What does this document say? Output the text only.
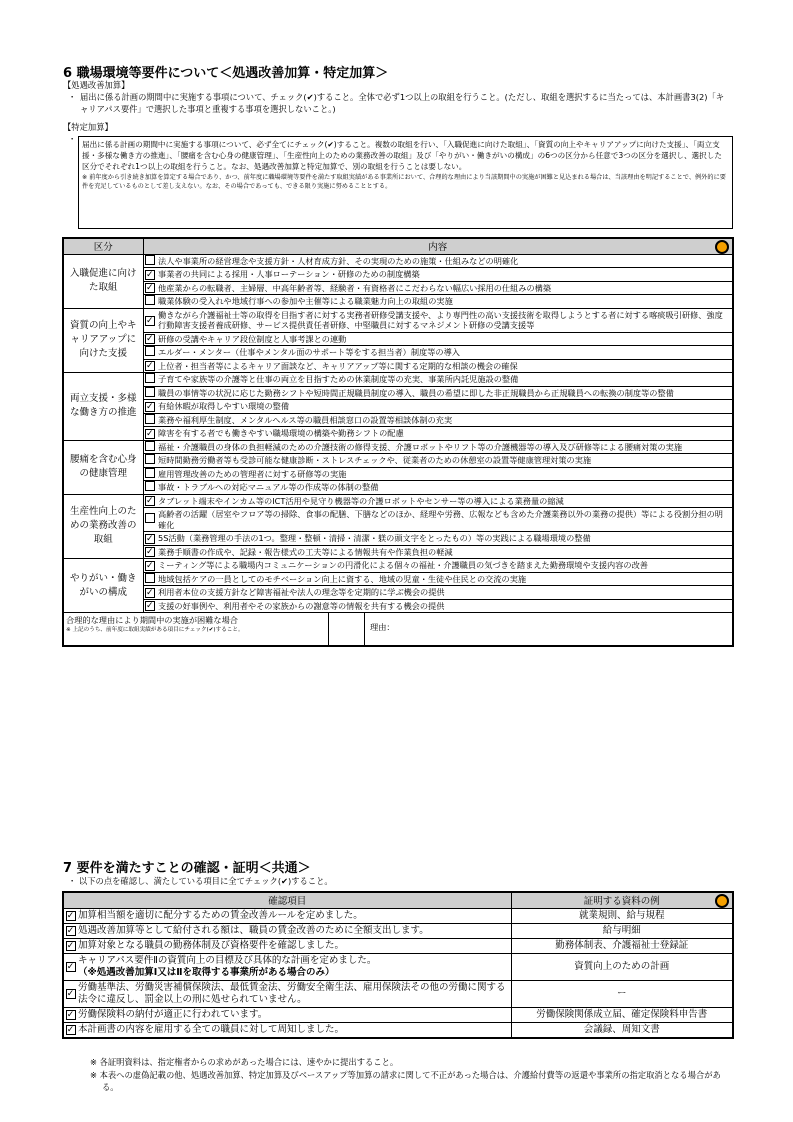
6 職場環境等要件について＜処遇改善加算・特定加算＞
【処遇改善加算】
・ 届出に係る計画の期間中に実施する事項について、チェック(✔)すること。全体で必ず1つ以上の取組を行うこと。(ただし、取組を選択するに当たっては、本計画書3(2)「キャリアパス要件」で選択した事項と重複する事項を選択しないこと。)
【特定加算】
・
届出に係る計画の期間中に実施する事項について、必ず全てにチェック(✔)すること。複数の取組を行い、「入職促進に向けた取組」、「資質の向上やキャリアアップに向けた支援」、「両立支援・多様な働き方の推進」、「腰痛を含む心身の健康管理」、「生産性向上のための業務改善の取組」及び「やりがい・働きがいの構成」の6つの区分から任意で3つの区分を選択し、選択した区分でそれぞれ1つ以上の取組を行うこと。なお、処遇改善加算と特定加算で、別の取組を行うことは要しない。
※ 前年度から引き続き加算を算定する場合であり、かつ、前年度に職場環境等要件を満たす取組実績がある事業所において、合理的な理由により当該期間中の実施が困難と見込まれる場合は、当該理由を明記することで、例外的に要件を充足しているものとして差し支えない。なお、その場合であっても、できる限り実施に努めることとする。
区分	内容	

入職促進に向けた取組		法人や事業所の経営理念や支援方針・人材育成方針、その実現のための施策・仕組みなどの明確化
	✓	事業者の共同による採用・人事ローテーション・研修のための制度構築
	✓	他産業からの転職者、主婦層、中高年齢者等、経験者・有資格者にこだわらない幅広い採用の仕組みの構築
		職業体験の受入れや地域行事への参加や主催等による職業魅力向上の取組の実施
資質の向上やキャリアアップに向けた支援	✓	働きながら介護福祉士等の取得を目指す者に対する実務者研修受講支援や、より専門性の高い支援技術を取得しようとする者に対する喀痰吸引研修、強度行動障害支援者養成研修、サービス提供責任者研修、中堅職員に対するマネジメント研修の受講支援等
	✓	研修の受講やキャリア段位制度と人事考課との連動
		エルダー・メンター（仕事やメンタル面のサポート等をする担当者）制度等の導入
	✓	上位者・担当者等によるキャリア面談など、キャリアアップ等に関する定期的な相談の機会の確保
両立支援・多様な働き方の推進		子育てや家族等の介護等と仕事の両立を目指すための休業制度等の充実、事業所内託児施設の整備
		職員の事情等の状況に応じた勤務シフトや短時間正規職員制度の導入、職員の希望に即した非正規職員から正規職員への転換の制度等の整備
	✓	有給休暇が取得しやすい環境の整備
		業務や福利厚生制度、メンタルヘルス等の職員相談窓口の設置等相談体制の充実
	✓	障害を有する者でも働きやすい職場環境の構築や勤務シフトの配慮
腰痛を含む心身の健康管理		福祉・介護職員の身体の負担軽減のための介護技術の修得支援、介護ロボットやリフト等の介護機器等の導入及び研修等による腰痛対策の実施
		短時間勤務労働者等も受診可能な健康診断・ストレスチェックや、従業者のための休憩室の設置等健康管理対策の実施
		雇用管理改善のための管理者に対する研修等の実施
		事故・トラブルへの対応マニュアル等の作成等の体制の整備
生産性向上のための業務改善の取組	✓	タブレット端末やインカム等のICT活用や見守り機器等の介護ロボットやセンサー等の導入による業務量の縮減
		高齢者の活躍（居室やフロア等の掃除、食事の配膳、下膳などのほか、経理や労務、広報なども含めた介護業務以外の業務の提供）等による役割分担の明確化
	✓	5S活動（業務管理の手法の1つ。整理・整頓・清掃・清潔・躾の頭文字をとったもの）等の実践による職場環境の整備
	✓	業務手順書の作成や、記録・報告様式の工夫等による情報共有や作業負担の軽減
やりがい・働きがいの構成	✓	ミーティング等による職場内コミュニケーションの円滑化による個々の福祉・介護職員の気づきを踏まえた勤務環境や支援内容の改善
		地域包括ケアの一員としてのモチベーション向上に資する、地域の児童・生徒や住民との交流の実施
	✓	利用者本位の支援方針など障害福祉や法人の理念等を定期的に学ぶ機会の提供
	✓	支援の好事例や、利用者やその家族からの謝意等の情報を共有する機会の提供

合理的な理由により期間中の実施が困難な場合
※ 上記のうち、前年度に取組実績がある項目にチェック(✔)すること。 理由：		
7 要件を満たすことの確認・証明＜共通＞
・ 以下の点を確認し、満たしている項目に全てチェック(✔)すること。
確認項目		証明する資料の例

✓	加算相当額を適切に配分するための賃金改善ルールを定めました。	就業規則、給与規程
✓	処遇改善加算等として給付される額は、職員の賃金改善のために全額支出します。	給与明細
✓	加算対象となる職員の勤務体制及び資格要件を確認しました。	勤務体制表、介護福祉士登録証
✓	キャリアパス要件Ⅱの資質向上の目標及び具体的な計画を定めました。
（※処遇改善加算Ⅰ又はⅡを取得する事業所がある場合のみ）	資質向上のための計画
✓	労働基準法、労働災害補償保険法、最低賃金法、労働安全衛生法、雇用保険法その他の労働に関する法令に違反し、罰金以上の刑に処せられていません。	ー
✓	労働保険料の納付が適正に行われています。	労働保険関係成立届、確定保険料申告書
✓	本計画書の内容を雇用する全ての職員に対して周知しました。	会議録、周知文書
※ 各証明資料は、指定権者からの求めがあった場合には、速やかに提出すること。
※ 本表への虚偽記載の他、処遇改善加算、特定加算及びベースアップ等加算の請求に関して不正があった場合は、介護給付費等の返還や事業所の指定取消となる場合がある。
